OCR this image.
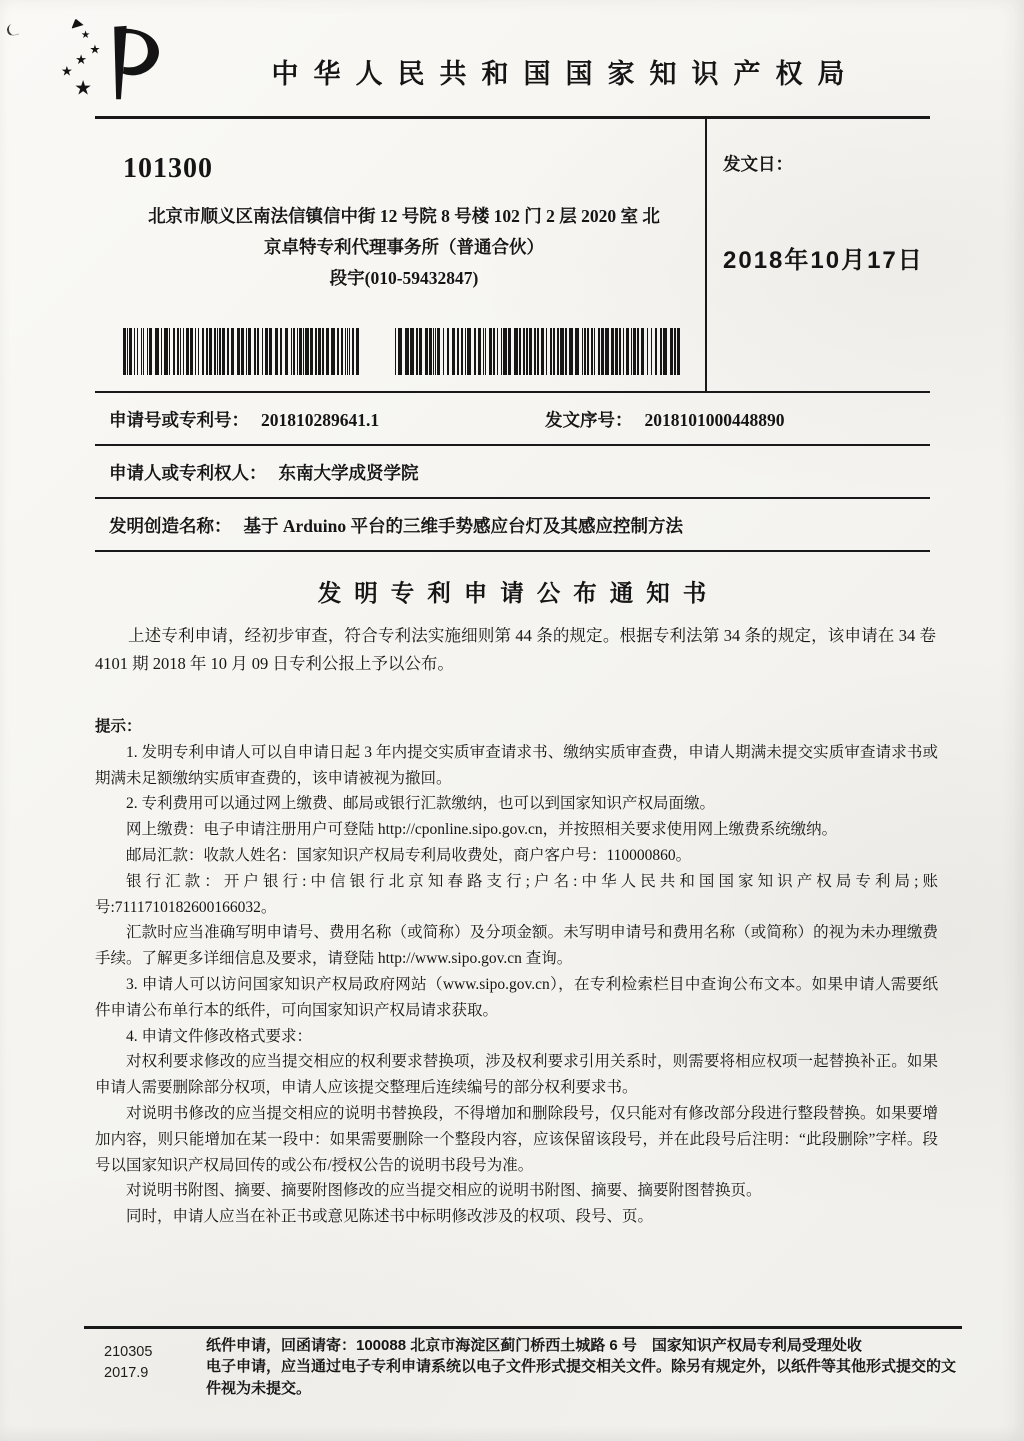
★
★
★
★
★
中华人民共和国国家知识产权局
101300
北京市顺义区南法信镇信中街 12 号院 8 号楼 102 门 2 层 2020 室 北
京卓特专利代理事务所（普通合伙）
段宇(010-59432847)
发文日：
2018年10月17日
申请号或专利号： 201810289641.1	发文序号： 2018101000448890
申请人或专利权人： 东南大学成贤学院
发明创造名称： 基于 Arduino 平台的三维手势感应台灯及其感应控制方法
发明专利申请公布通知书

上述专利申请，经初步审查，符合专利法实施细则第 44 条的规定。根据专利法第 34 条的规定，该申请在 34 卷 4101 期 2018 年 10 月 09 日专利公报上予以公布。

提示：

1. 发明专利申请人可以自申请日起 3 年内提交实质审查请求书、缴纳实质审查费，申请人期满未提交实质审查请求书或期满未足额缴纳实质审查费的，该申请被视为撤回。

2. 专利费用可以通过网上缴费、邮局或银行汇款缴纳，也可以到国家知识产权局面缴。

网上缴费：电子申请注册用户可登陆 http://cponline.sipo.gov.cn，并按照相关要求使用网上缴费系统缴纳。

邮局汇款：收款人姓名：国家知识产权局专利局收费处，商户客户号：110000860。

银行汇款：开户银行:中信银行北京知春路支行;户名:中华人民共和国国家知识产权局专利局;账号:7111710182600166032。

汇款时应当准确写明申请号、费用名称（或简称）及分项金额。未写明申请号和费用名称（或简称）的视为未办理缴费手续。了解更多详细信息及要求，请登陆 http://www.sipo.gov.cn 查询。

3. 申请人可以访问国家知识产权局政府网站（www.sipo.gov.cn），在专利检索栏目中查询公布文本。如果申请人需要纸件申请公布单行本的纸件，可向国家知识产权局请求获取。

4. 申请文件修改格式要求：

对权利要求修改的应当提交相应的权利要求替换项，涉及权利要求引用关系时，则需要将相应权项一起替换补正。如果申请人需要删除部分权项，申请人应该提交整理后连续编号的部分权利要求书。

对说明书修改的应当提交相应的说明书替换段，不得增加和删除段号，仅只能对有修改部分段进行整段替换。如果要增加内容，则只能增加在某一段中：如果需要删除一个整段内容，应该保留该段号，并在此段号后注明：“此段删除”字样。段号以国家知识产权局回传的或公布/授权公告的说明书段号为准。

对说明书附图、摘要、摘要附图修改的应当提交相应的说明书附图、摘要、摘要附图替换页。

同时，申请人应当在补正书或意见陈述书中标明修改涉及的权项、段号、页。

210305
2017.9
纸件申请，回函请寄：100088 北京市海淀区蓟门桥西土城路 6 号　国家知识产权局专利局受理处收
电子申请，应当通过电子专利申请系统以电子文件形式提交相关文件。除另有规定外，以纸件等其他形式提交的文件视为未提交。
